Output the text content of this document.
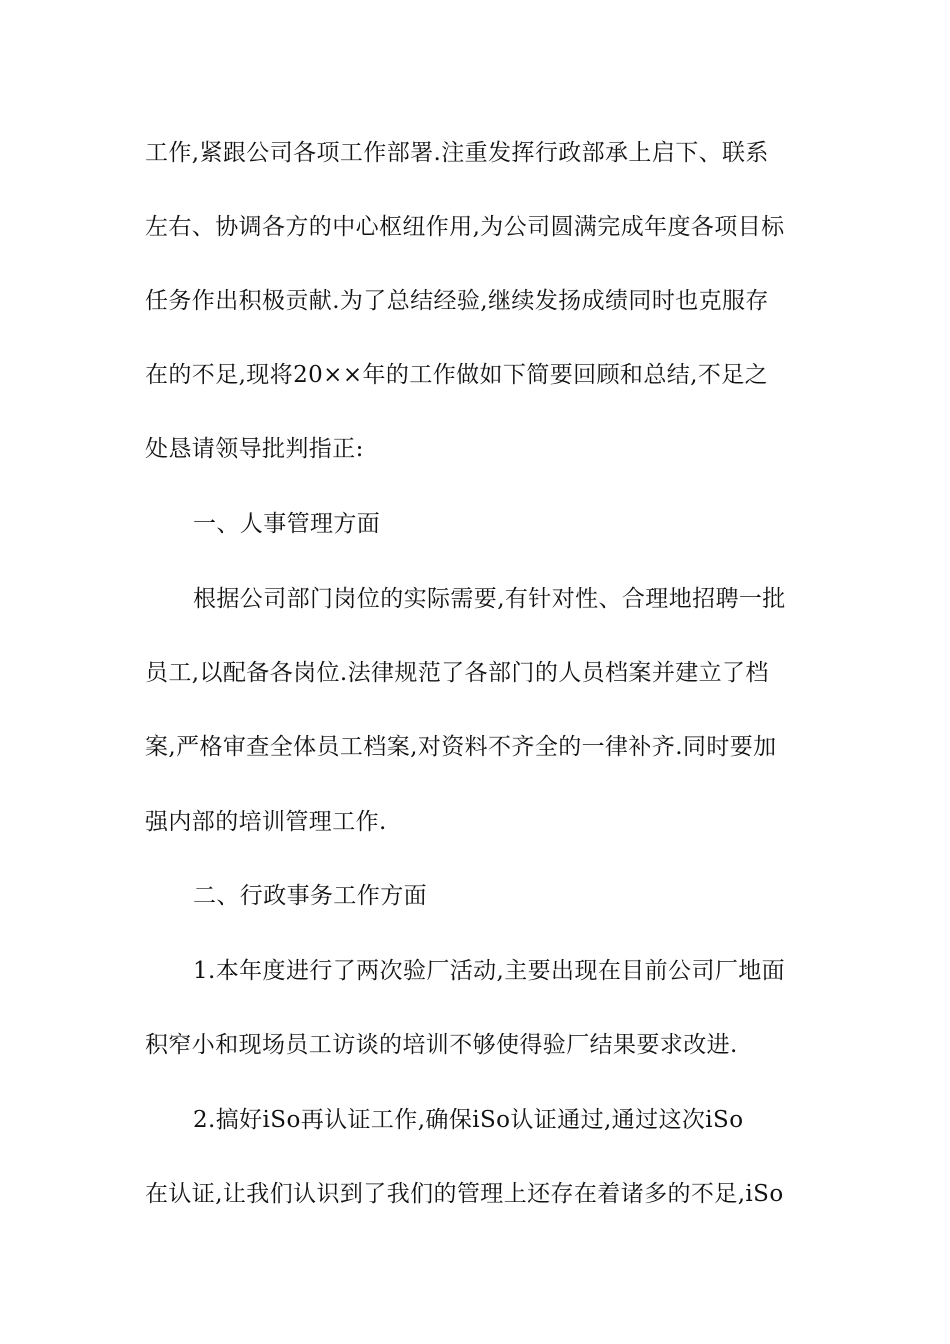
工作,紧跟公司各项工作部署.注重发挥行政部承上启下、联系
左右、协调各方的中心枢纽作用,为公司圆满完成年度各项目标
任务作出积极贡献.为了总结经验,继续发扬成绩同时也克服存
在的不足,现将20××年的工作做如下简要回顾和总结,不足之
处恳请领导批判指正:
一、人事管理方面
根据公司部门岗位的实际需要,有针对性、合理地招聘一批
员工,以配备各岗位.法律规范了各部门的人员档案并建立了档
案,严格审查全体员工档案,对资料不齐全的一律补齐.同时要加
强内部的培训管理工作.
二、行政事务工作方面
1.本年度进行了两次验厂活动,主要出现在目前公司厂地面
积窄小和现场员工访谈的培训不够使得验厂结果要求改进.
2.搞好iSo再认证工作,确保iSo认证通过,通过这次iSo
在认证,让我们认识到了我们的管理上还存在着诸多的不足,iSo
